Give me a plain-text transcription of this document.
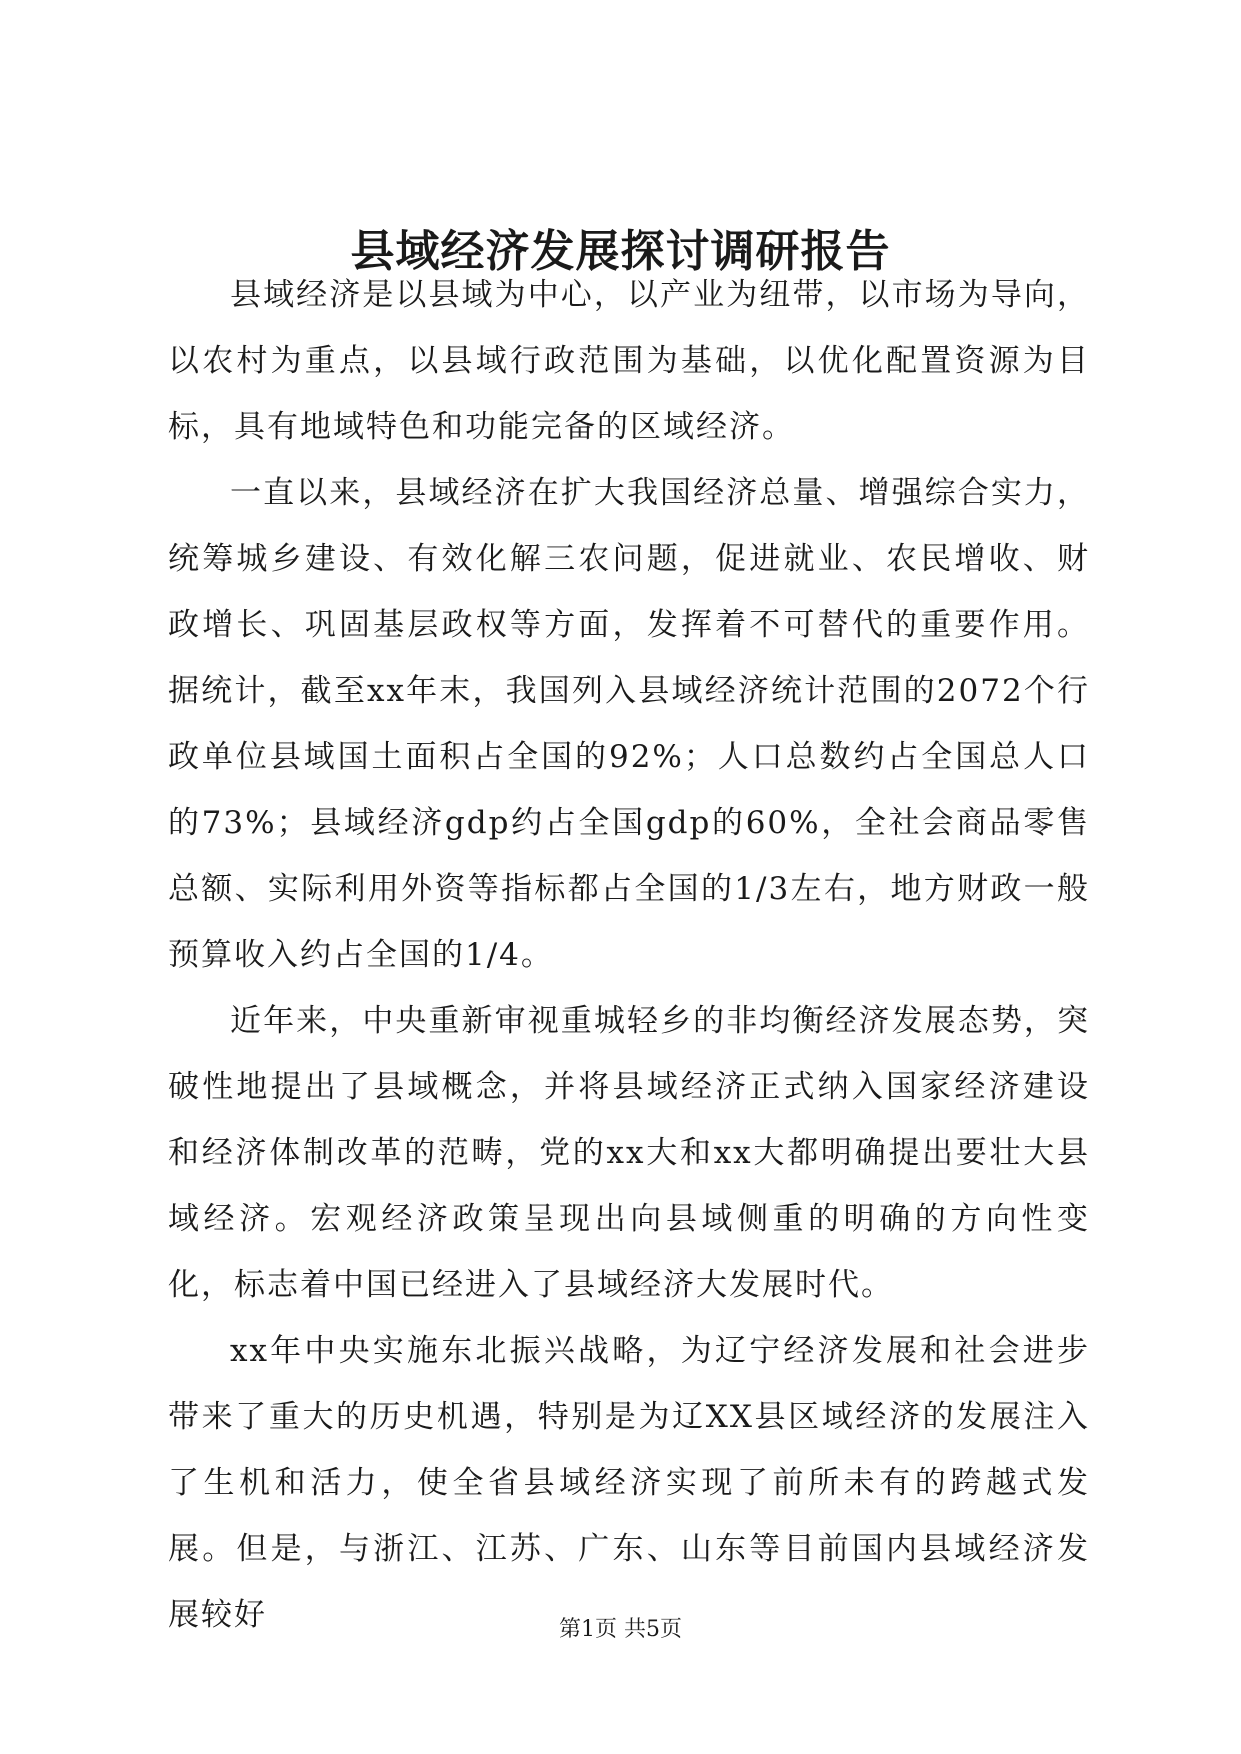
县域经济发展探讨调研报告

县域经济是以县域为中心，以产业为纽带，以市场为导向，以农村为重点，以县域行政范围为基础，以优化配置资源为目标，具有地域特色和功能完备的区域经济。

一直以来，县域经济在扩大我国经济总量、增强综合实力，统筹城乡建设、有效化解三农问题，促进就业、农民增收、财政增长、巩固基层政权等方面，发挥着不可替代的重要作用。据统计，截至xx年末，我国列入县域经济统计范围的2072个行政单位县域国土面积占全国的92%；人口总数约占全国总人口的73%；县域经济gdp约占全国gdp的60%，全社会商品零售总额、实际利用外资等指标都占全国的1/3左右，地方财政一般预算收入约占全国的1/4。

近年来，中央重新审视重城轻乡的非均衡经济发展态势，突破性地提出了县域概念，并将县域经济正式纳入国家经济建设和经济体制改革的范畴，党的xx大和xx大都明确提出要壮大县域经济。宏观经济政策呈现出向县域侧重的明确的方向性变化，标志着中国已经进入了县域经济大发展时代。

xx年中央实施东北振兴战略，为辽宁经济发展和社会进步带来了重大的历史机遇，特别是为辽XX县区域经济的发展注入了生机和活力，使全省县域经济实现了前所未有的跨越式发展。但是，与浙江、江苏、广东、山东等目前国内县域经济发展较好	第1页 共5页
